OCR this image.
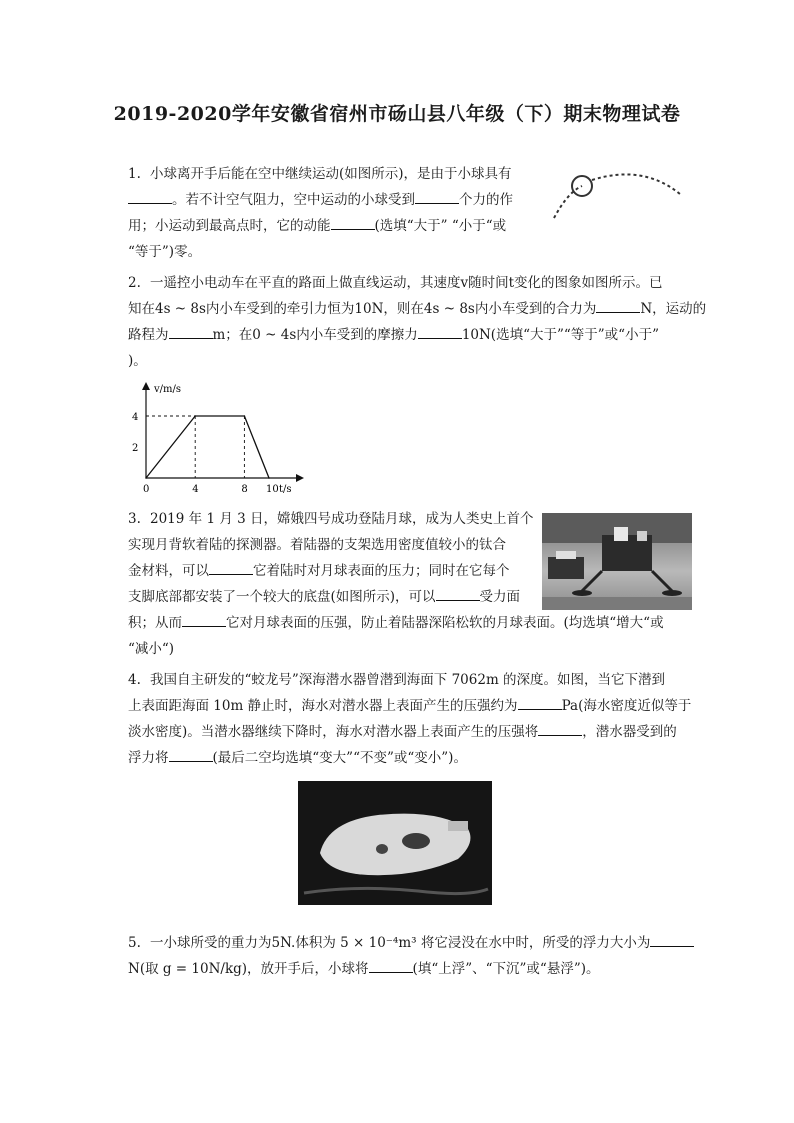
2019-2020学年安徽省宿州市砀山县八年级（下）期末物理试卷
1. 小球离开手后能在空中继续运动(如图所示)，是由于小球具有
。若不计空气阻力，空中运动的小球受到	个力的作
用；小运动到最高点时，它的动能	(选填“大于” “小于“或
“等于”)零。
2. 一遥控小电动车在平直的路面上做直线运动，其速度v随时间t变化的图象如图所示。已
知在4s ~ 8s内小车受到的牵引力恒为10N，则在4s ~ 8s内小车受到的合力为	N，运动的
路程为	m；在0 ~ 4s内小车受到的摩擦力	10N(选填“大于”“等于”或“小于”
)。
v/m/s
0	4	8 10
2
4
t/s
3. 2019 年 1 月 3 日，嫦娥四号成功登陆月球，成为人类史上首个
实现月背软着陆的探测器。着陆器的支架选用密度值较小的钛合
金材料，可以	它着陆时对月球表面的压力；同时在它每个
支脚底部都安装了一个较大的底盘(如图所示)，可以	受力面
积；从而	它对月球表面的压强，防止着陆器深陷松软的月球表面。(均选填“增大“或
“减小“)
4. 我国自主研发的“蛟龙号”深海潜水器曾潜到海面下 7062m 的深度。如图，当它下潜到
上表面距海面 10m 静止时，海水对潜水器上表面产生的压强约为	Pa(海水密度近似等于
淡水密度)。当潜水器继续下降时，海水对潜水器上表面产生的压强将	，潜水器受到的
浮力将	(最后二空均选填“变大”“不变”或“变小”)。
5. 一小球所受的重力为5N.体积为 5 × 10⁻⁴m³ 将它浸没在水中时，所受的浮力大小为
N(取 g = 10N/kg)，放开手后，小球将	(填“上浮”、“下沉”或“悬浮”)。
